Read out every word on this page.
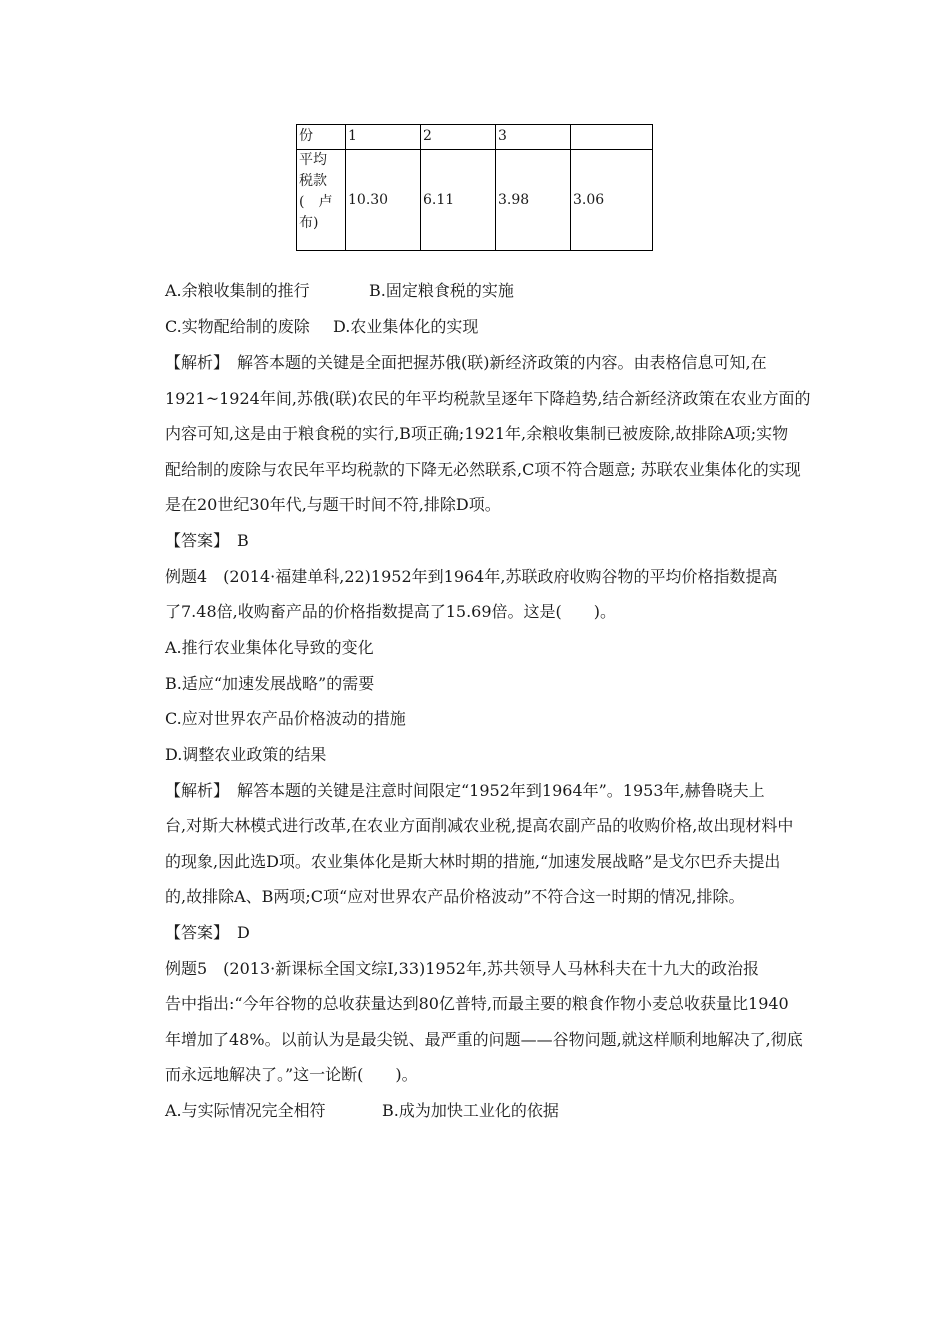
份	1	2	3	

平均
税款
(　卢
布)	10.30	6.11	3.98	3.06
A.余粮收集制的推行	B.固定粮食税的实施
C.实物配给制的废除 D.农业集体化的实现
【解析】　解答本题的关键是全面把握苏俄(联)新经济政策的内容。由表格信息可知,在
1921~1924年间,苏俄(联)农民的年平均税款呈逐年下降趋势,结合新经济政策在农业方面的
内容可知,这是由于粮食税的实行,B项正确;1921年,余粮收集制已被废除,故排除A项;实物
配给制的废除与农民年平均税款的下降无必然联系,C项不符合题意; 苏联农业集体化的实现
是在20世纪30年代,与题干时间不符,排除D项。
【答案】　B
例题4　(2014·福建单科,22)1952年到1964年,苏联政府收购谷物的平均价格指数提高
了7.48倍,收购畜产品的价格指数提高了15.69倍。这是(　　)。
A.推行农业集体化导致的变化
B.适应“加速发展战略”的需要
C.应对世界农产品价格波动的措施
D.调整农业政策的结果
【解析】　解答本题的关键是注意时间限定“1952年到1964年”。1953年,赫鲁晓夫上
台,对斯大林模式进行改革,在农业方面削减农业税,提高农副产品的收购价格,故出现材料中
的现象,因此选D项。农业集体化是斯大林时期的措施,“加速发展战略”是戈尔巴乔夫提出
的,故排除A、B两项;C项“应对世界农产品价格波动”不符合这一时期的情况,排除。
【答案】　D
例题5　(2013·新课标全国文综Ⅰ,33)1952年,苏共领导人马林科夫在十九大的政治报
告中指出:“今年谷物的总收获量达到80亿普特,而最主要的粮食作物小麦总收获量比1940
年增加了48%。以前认为是最尖锐、最严重的问题——谷物问题,就这样顺利地解决了,彻底
而永远地解决了。”这一论断(　　)。
A.与实际情况完全相符	B.成为加快工业化的依据
